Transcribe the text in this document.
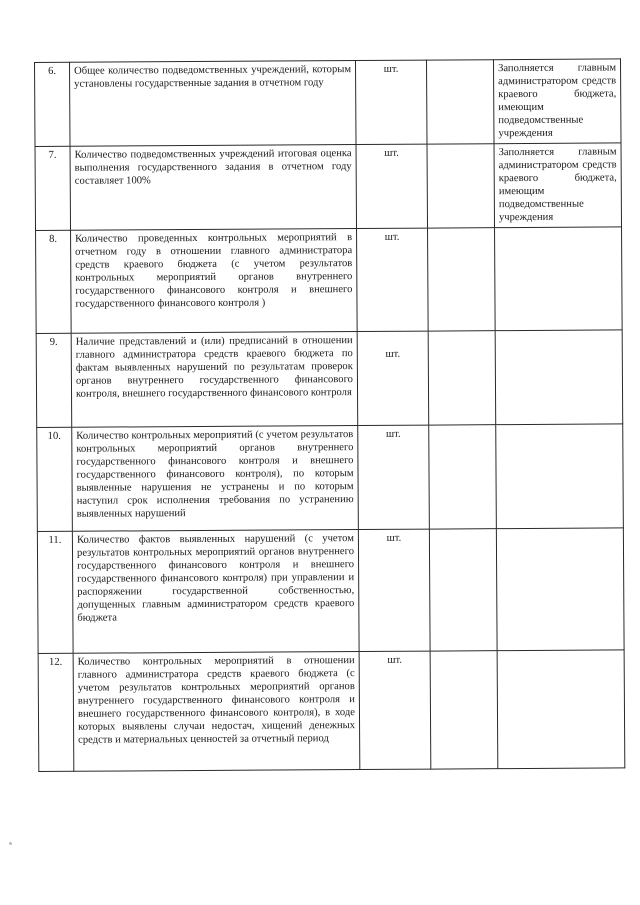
6.	Общее количество подведомственных учреждений, которым установлены государственные задания в отчетном году	шт.		Заполняется главным администратором средств краевого бюджета, имеющим подведомственные учреждения
7.	Количество подведомственных учреждений итоговая оценка выполнения государственного задания в отчетном году составляет 100%	шт.		Заполняется главным администратором средств краевого бюджета, имеющим подведомственные учреждения
8.	Количество проведенных контрольных мероприятий в отчетном году в отношении главного администратора средств краевого бюджета (с учетом результатов контрольных мероприятий органов внутреннего государственного финансового контроля и внешнего государственного финансового контроля )	шт.		
9.	Наличие представлений и (или) предписаний в отношении главного администратора средств краевого бюджета по фактам выявленных нарушений по результатам проверок органов внутреннего государственного финансового контроля, внешнего государственного финансового контроля	шт.		
10.	Количество контрольных мероприятий (с учетом результатов контрольных мероприятий органов внутреннего государственного финансового контроля и внешнего государственного финансового контроля), по которым выявленные нарушения не устранены и по которым наступил срок исполнения требования по устранению выявленных нарушений	шт.		
11.	Количество фактов выявленных нарушений (с учетом результатов контрольных мероприятий органов внутреннего государственного финансового контроля и внешнего государственного финансового контроля) при управлении и распоряжении государственной собственностью, допущенных главным администратором средств краевого бюджета	шт.		
12.	Количество контрольных мероприятий в отношении главного администратора средств краевого бюджета (с учетом результатов контрольных мероприятий органов внутреннего государственного финансового контроля и внешнего государственного финансового контроля), в ходе которых выявлены случаи недостач, хищений денежных средств и материальных ценностей за отчетный период	шт.		
